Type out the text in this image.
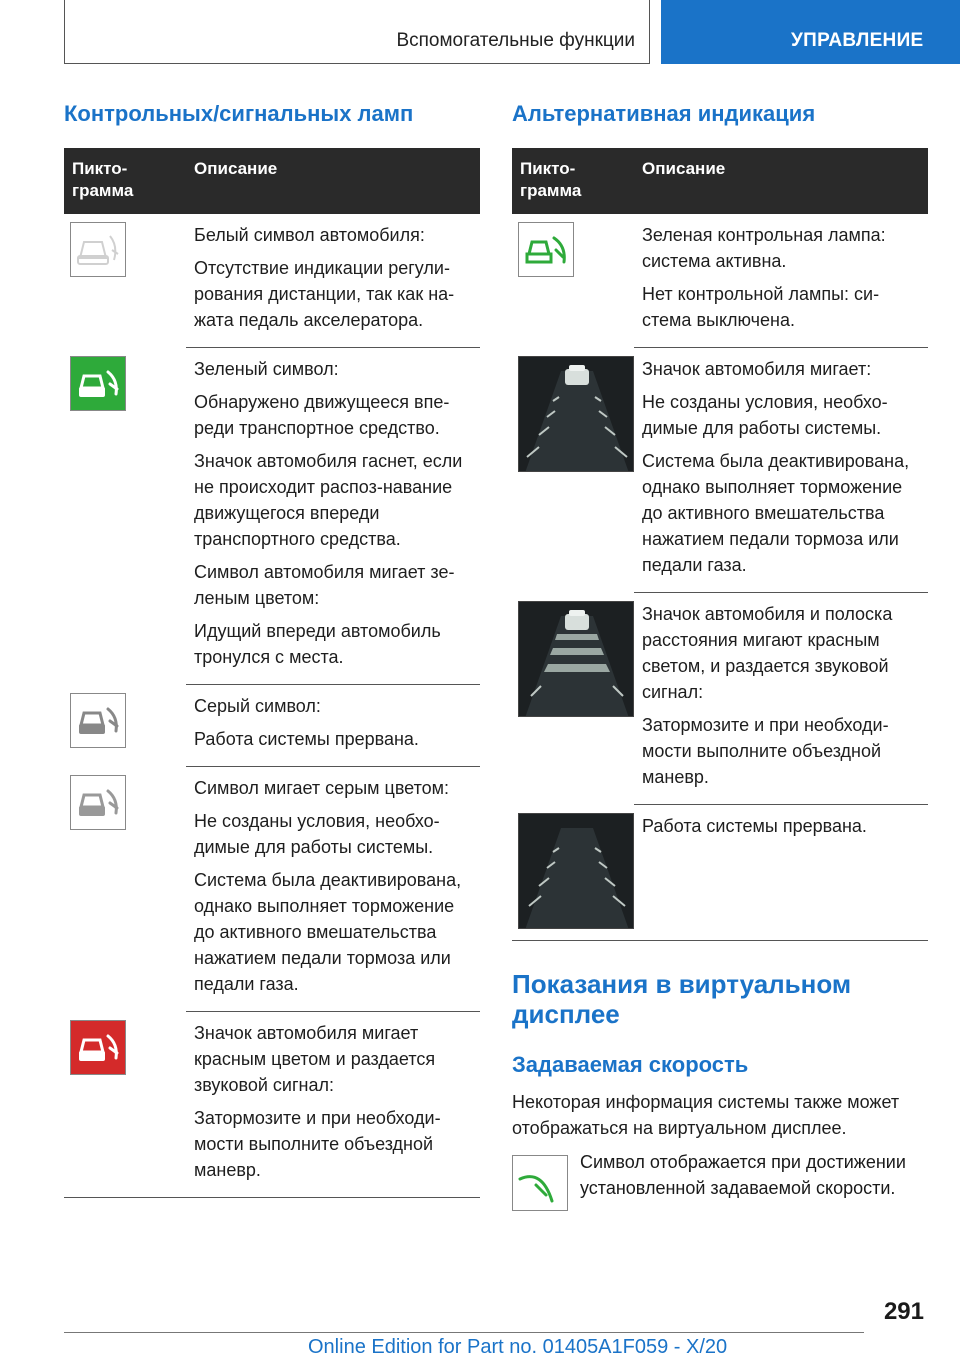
Вспомогательные функции	УПРАВЛЕНИЕ
Контрольных/сигнальных ламп
Пикто-
грамма
Описание

Белый символ автомобиля:

Отсутствие индикации регули-рования дистанции, так как на-жата педаль акселератора.

Зеленый символ:

Обнаружено движущееся впе-реди транспортное средство.

Значок автомобиля гаснет, если не происходит распоз-навание движущегося впереди транспортного средства.

Символ автомобиля мигает зе-леным цветом:

Идущий впереди автомобиль тронулся с места.

Серый символ:

Работа системы прервана.

Символ мигает серым цветом:

Не созданы условия, необхо-димые для работы системы.

Система была деактивирована, однако выполняет торможение до активного вмешательства нажатием педали тормоза или педали газа.

Значок автомобиля мигает красным цветом и раздается звуковой сигнал:

Затормозите и при необходи-мости выполните объездной маневр.

Альтернативная индикация
Пикто-
грамма
Описание

Зеленая контрольная лампа: система активна.

Нет контрольной лампы: си-стема выключена.

Значок автомобиля мигает:

Не созданы условия, необхо-димые для работы системы.

Система была деактивирована, однако выполняет торможение до активного вмешательства нажатием педали тормоза или педали газа.

Значок автомобиля и полоска расстояния мигают красным светом, и раздается звуковой сигнал:

Затормозите и при необходи-мости выполните объездной маневр.

Работа системы прервана.

Показания в виртуальном дисплее
Задаваемая скорость
Некоторая информация системы также может отображаться на виртуальном дисплее.

Символ отображается при достижении установленной задаваемой скорости.

291
Online Edition for Part no. 01405A1F059 - X/20
